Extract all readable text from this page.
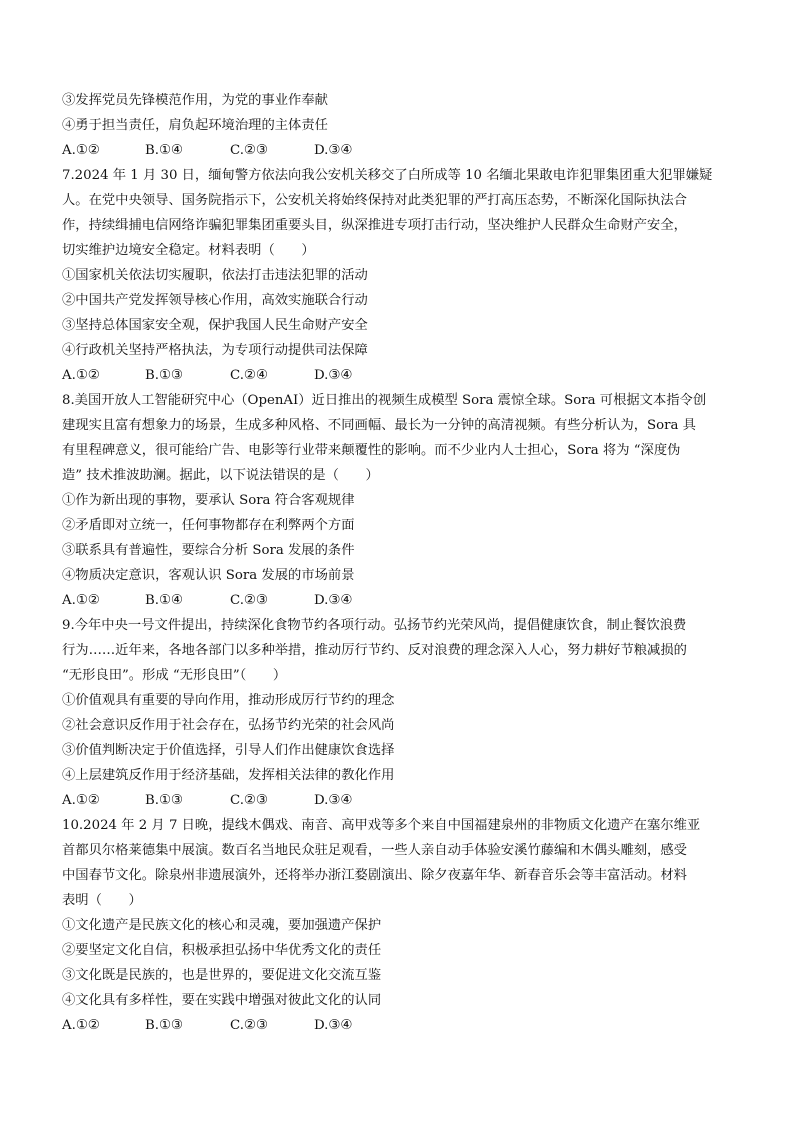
③发挥党员先锋模范作用，为党的事业作奉献
④勇于担当责任，肩负起环境治理的主体责任
A.①②	B.①④	C.②③	D.③④
7.2024 年 1 月 30 日，缅甸警方依法向我公安机关移交了白所成等 10 名缅北果敢电诈犯罪集团重大犯罪嫌疑
人。在党中央领导、国务院指示下，公安机关将始终保持对此类犯罪的严打高压态势，不断深化国际执法合
作，持续缉捕电信网络诈骗犯罪集团重要头目，纵深推进专项打击行动，坚决维护人民群众生命财产安全，
切实维护边境安全稳定。材料表明（　　）
①国家机关依法切实履职，依法打击违法犯罪的活动
②中国共产党发挥领导核心作用，高效实施联合行动
③坚持总体国家安全观，保护我国人民生命财产安全
④行政机关坚持严格执法，为专项行动提供司法保障
A.①②	B.①③	C.②④	D.③④
8.美国开放人工智能研究中心（OpenAI）近日推出的视频生成模型 Sora 震惊全球。Sora 可根据文本指令创
建现实且富有想象力的场景，生成多种风格、不同画幅、最长为一分钟的高清视频。有些分析认为，Sora 具
有里程碑意义，很可能给广告、电影等行业带来颠覆性的影响。而不少业内人士担心，Sora 将为 “深度伪
造” 技术推波助澜。据此，以下说法错误的是（　　）
①作为新出现的事物，要承认 Sora 符合客观规律
②矛盾即对立统一，任何事物都存在利弊两个方面
③联系具有普遍性，要综合分析 Sora 发展的条件
④物质决定意识，客观认识 Sora 发展的市场前景
A.①②	B.①④	C.②③	D.③④
9.今年中央一号文件提出，持续深化食物节约各项行动。弘扬节约光荣风尚，提倡健康饮食，制止餐饮浪费
行为……近年来，各地各部门以多种举措，推动厉行节约、反对浪费的理念深入人心，努力耕好节粮减损的
“无形良田”。形成 “无形良田”（　　）
①价值观具有重要的导向作用，推动形成厉行节约的理念
②社会意识反作用于社会存在，弘扬节约光荣的社会风尚
③价值判断决定于价值选择，引导人们作出健康饮食选择
④上层建筑反作用于经济基础，发挥相关法律的教化作用
A.①②	B.①③	C.②③	D.③④
10.2024 年 2 月 7 日晚，提线木偶戏、南音、高甲戏等多个来自中国福建泉州的非物质文化遗产在塞尔维亚
首都贝尔格莱德集中展演。数百名当地民众驻足观看，一些人亲自动手体验安溪竹藤编和木偶头雕刻，感受
中国春节文化。除泉州非遗展演外，还将举办浙江婺剧演出、除夕夜嘉年华、新春音乐会等丰富活动。材料
表明（　　）
①文化遗产是民族文化的核心和灵魂，要加强遗产保护
②要坚定文化自信，积极承担弘扬中华优秀文化的责任
③文化既是民族的，也是世界的，要促进文化交流互鉴
④文化具有多样性，要在实践中增强对彼此文化的认同
A.①②	B.①③	C.②③	D.③④
